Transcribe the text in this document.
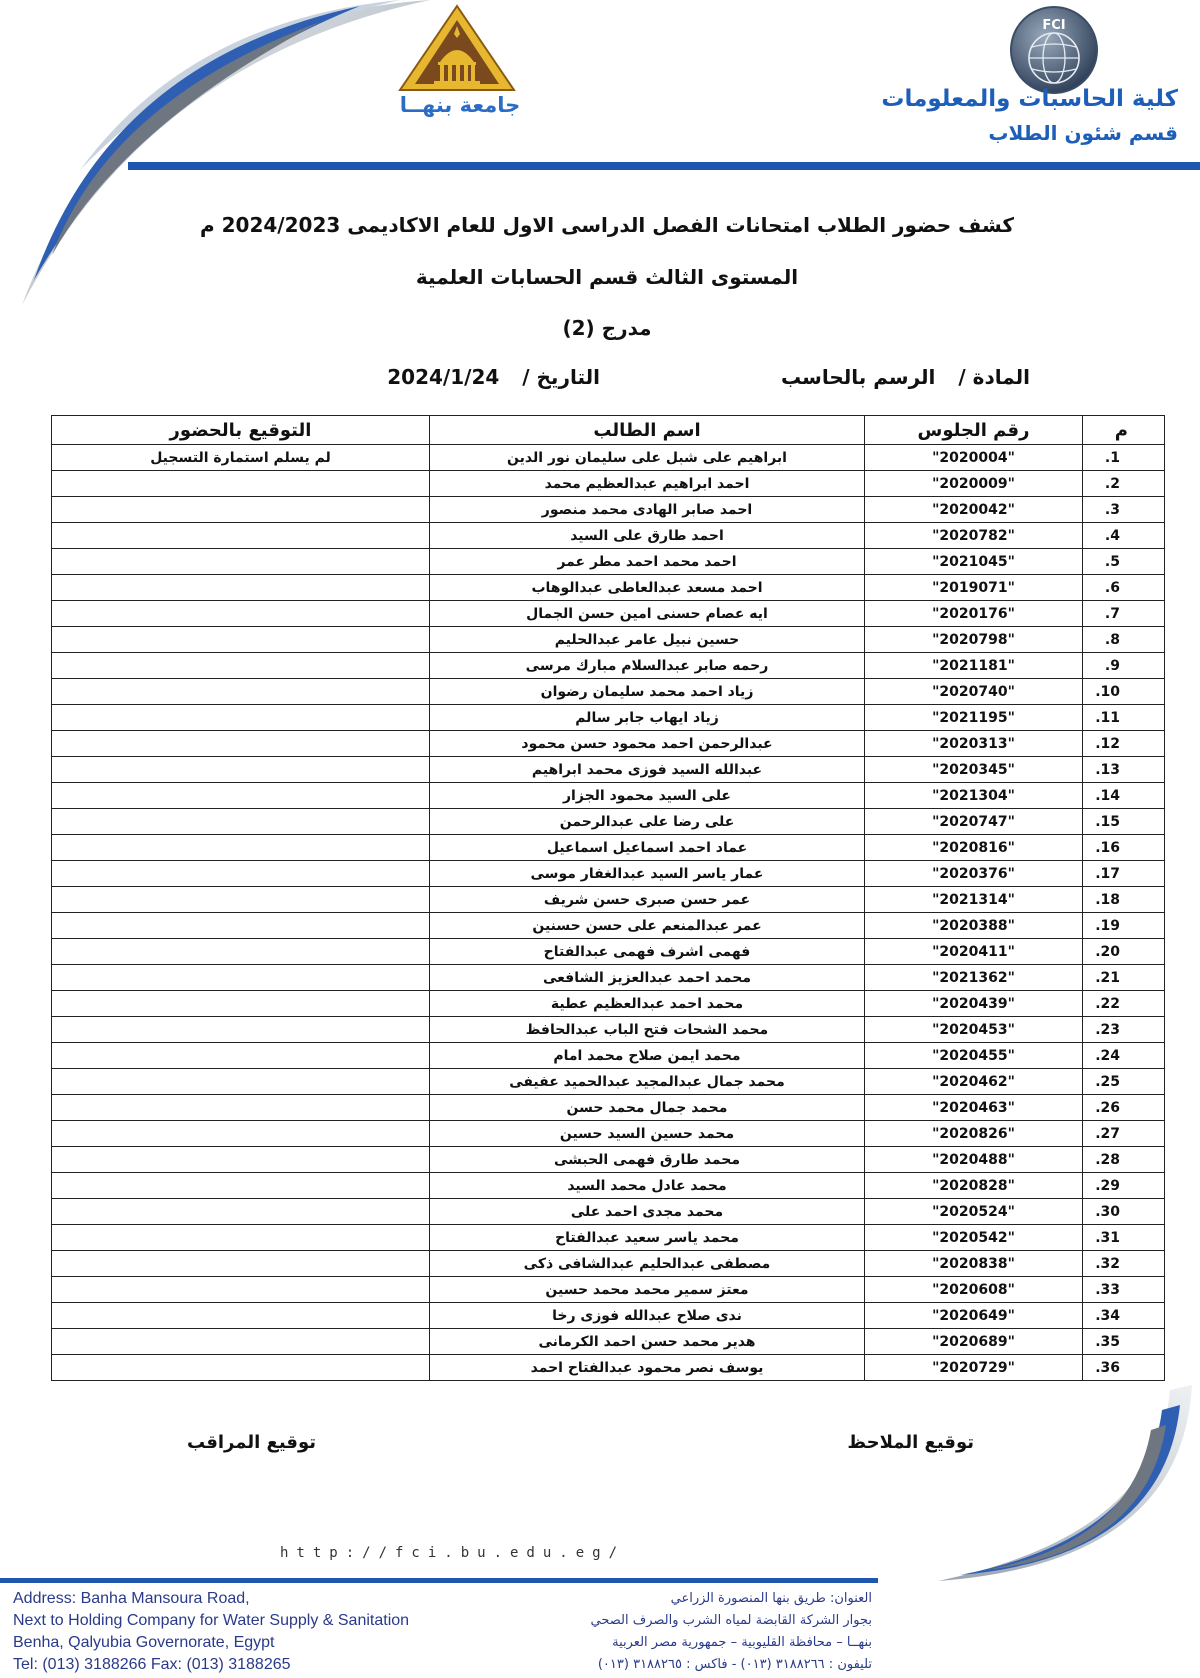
FCI
كلية الحاسبات والمعلومات
قسم شئون الطلاب
جامعة بنهــا
كشف حضور الطلاب امتحانات الفصل الدراسى الاول للعام الاكاديمى 2024/2023 م
المستوى الثالث قسم الحسابات العلمية
مدرج (2)
المادة / الرسم بالحاسب
التاريخ / 2024/1/24
م	رقم الجلوس	اسم الطالب	التوقيع بالحضور
1.	"2020004"	ابراهيم على شبل على سليمان نور الدين	لم يسلم استمارة التسجيل
2.	"2020009"	احمد ابراهيم عبدالعظيم محمد	
3.	"2020042"	احمد صابر الهادى محمد منصور	
4.	"2020782"	احمد طارق على السيد	
5.	"2021045"	احمد محمد احمد مطر عمر	
6.	"2019071"	احمد مسعد عبدالعاطى عبدالوهاب	
7.	"2020176"	ايه عصام حسنى امين حسن الجمال	
8.	"2020798"	حسين نبيل عامر عبدالحليم	
9.	"2021181"	رحمه صابر عبدالسلام مبارك مرسى	
10.	"2020740"	زياد احمد محمد سليمان رضوان	
11.	"2021195"	زياد ايهاب جابر سالم	
12.	"2020313"	عبدالرحمن احمد محمود حسن محمود	
13.	"2020345"	عبدالله السيد فوزى محمد ابراهيم	
14.	"2021304"	على السيد محمود الجزار	
15.	"2020747"	على رضا على عبدالرحمن	
16.	"2020816"	عماد احمد اسماعيل اسماعيل	
17.	"2020376"	عمار ياسر السيد عبدالغفار موسى	
18.	"2021314"	عمر حسن صبرى حسن شريف	
19.	"2020388"	عمر عبدالمنعم على حسن حسنين	
20.	"2020411"	فهمى اشرف فهمى عبدالفتاح	
21.	"2021362"	محمد احمد عبدالعزيز الشافعى	
22.	"2020439"	محمد احمد عبدالعظيم عطية	
23.	"2020453"	محمد الشحات فتح الباب عبدالحافظ	
24.	"2020455"	محمد ايمن صلاح محمد امام	
25.	"2020462"	محمد جمال عبدالمجيد عبدالحميد عفيفى	
26.	"2020463"	محمد جمال محمد حسن	
27.	"2020826"	محمد حسين السيد حسين	
28.	"2020488"	محمد طارق فهمى الحبشى	
29.	"2020828"	محمد عادل محمد السيد	
30.	"2020524"	محمد مجدى احمد على	
31.	"2020542"	محمد ياسر سعيد عبدالفتاح	
32.	"2020838"	مصطفى عبدالحليم عبدالشافى ذكى	
33.	"2020608"	معتز سمير محمد محمد حسين	
34.	"2020649"	ندى صلاح عبدالله فوزى رخا	
35.	"2020689"	هدير محمد حسن احمد الكرمانى	
36.	"2020729"	يوسف نصر محمود عبدالفتاح احمد	
توقيع الملاحظ
توقيع المراقب
http://fci.bu.edu.eg/
Address: Banha Mansoura Road,
Next to Holding Company for Water Supply & Sanitation
Benha, Qalyubia Governorate, Egypt
Tel: (013) 3188266 Fax: (013) 3188265
العنوان: طريق بنها المنصورة الزراعي
بجوار الشركة القابضة لمياه الشرب والصرف الصحي
بنهــا – محافظة القليوبية – جمهورية مصر العربية
تليفون : ٣١٨٨٢٦٦ (٠١٣) - فاكس : ٣١٨٨٢٦٥ (٠١٣)
